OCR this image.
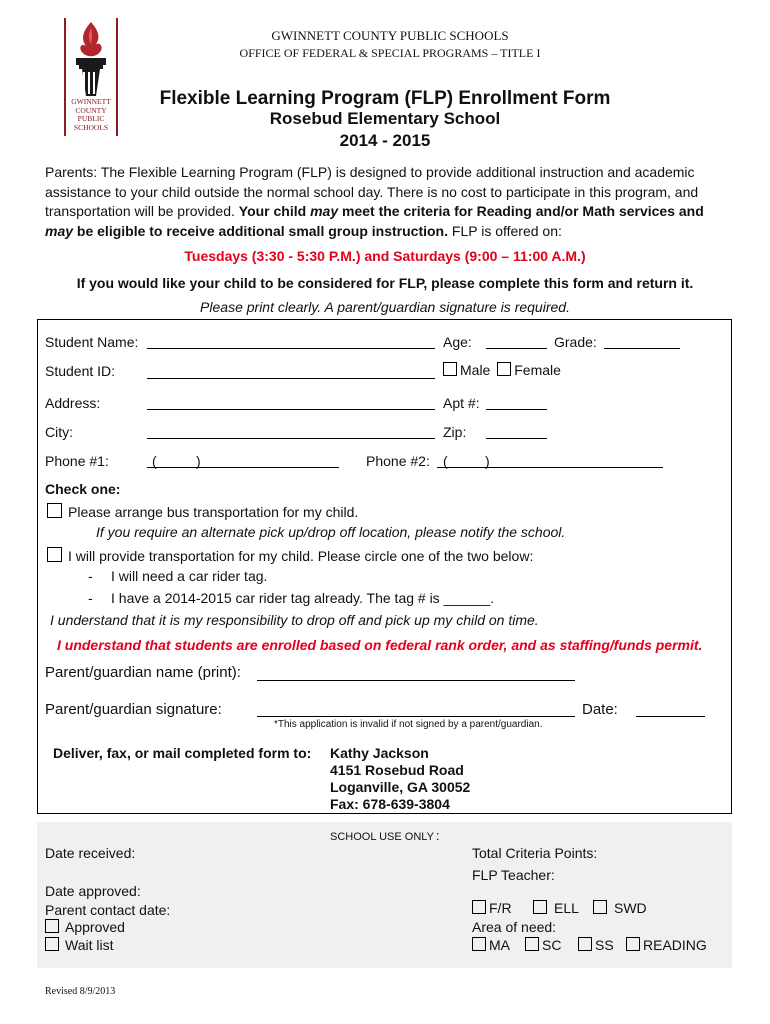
GWINNETT
COUNTY
PUBLIC
SCHOOLS
GWINNETT COUNTY PUBLIC SCHOOLS
OFFICE OF FEDERAL & SPECIAL PROGRAMS – TITLE I
Flexible Learning Program (FLP) Enrollment Form
Rosebud Elementary School
2014 - 2015
Parents: The Flexible Learning Program (FLP) is designed to provide additional instruction and academic
assistance to your child outside the normal school day. There is no cost to participate in this program, and
transportation will be provided. Your child may meet the criteria for Reading and/or Math services and
may be eligible to receive additional small group instruction. FLP is offered on:
Tuesdays (3:30 - 5:30 P.M.) and Saturdays (9:00 – 11:00 A.M.)
If you would like your child to be considered for FLP, please complete this form and return it.
Please print clearly. A parent/guardian signature is required.
Student Name:	Age:	Grade:
Student ID:	Male Female
Address:	Apt #:
City:	Zip:
Phone #1:	(	)	Phone #2: (	)
Check one:
Please arrange bus transportation for my child.
If you require an alternate pick up/drop off location, please notify the school.
I will provide transportation for my child. Please circle one of the two below:
- I will need a car rider tag.
- I have a 2014-2015 car rider tag already. The tag # is ______.
I understand that it is my responsibility to drop off and pick up my child on time.
I understand that students are enrolled based on federal rank order, and as staffing/funds permit.
Parent/guardian name (print):
Parent/guardian signature:	Date:
*This application is invalid if not signed by a parent/guardian.
Deliver, fax, or mail completed form to: Kathy Jackson
4151 Rosebud Road
Loganville, GA 30052
Fax: 678-639-3804
SCHOOL USE ONLY :
Date received:	Total Criteria Points:
FLP Teacher:
Date approved:
Parent contact date:
Approved
Wait list
F/R	ELL	SWD
Area of need:
MA	SC	SS	READING
Revised 8/9/2013
